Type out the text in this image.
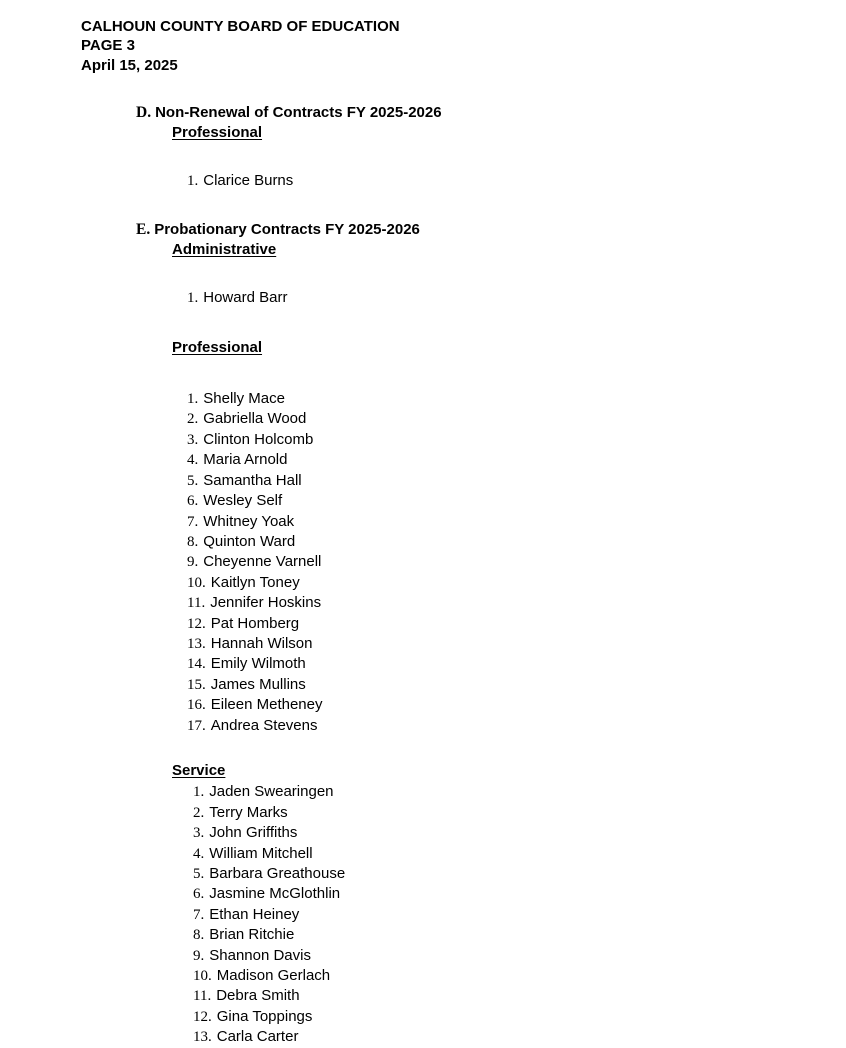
CALHOUN COUNTY BOARD OF EDUCATION
PAGE 3
April 15, 2025
D. Non-Renewal of Contracts FY 2025-2026
Professional
1. Clarice Burns
E. Probationary Contracts FY 2025-2026
Administrative
1. Howard Barr
Professional
1. Shelly Mace
2. Gabriella Wood
3. Clinton Holcomb
4. Maria Arnold
5. Samantha Hall
6. Wesley Self
7. Whitney Yoak
8. Quinton Ward
9. Cheyenne Varnell
10. Kaitlyn Toney
11. Jennifer Hoskins
12. Pat Homberg
13. Hannah Wilson
14. Emily Wilmoth
15. James Mullins
16. Eileen Metheney
17. Andrea Stevens
Service
1. Jaden Swearingen
2. Terry Marks
3. John Griffiths
4. William Mitchell
5. Barbara Greathouse
6. Jasmine McGlothlin
7. Ethan Heiney
8. Brian Ritchie
9. Shannon Davis
10. Madison Gerlach
11. Debra Smith
12. Gina Toppings
13. Carla Carter
